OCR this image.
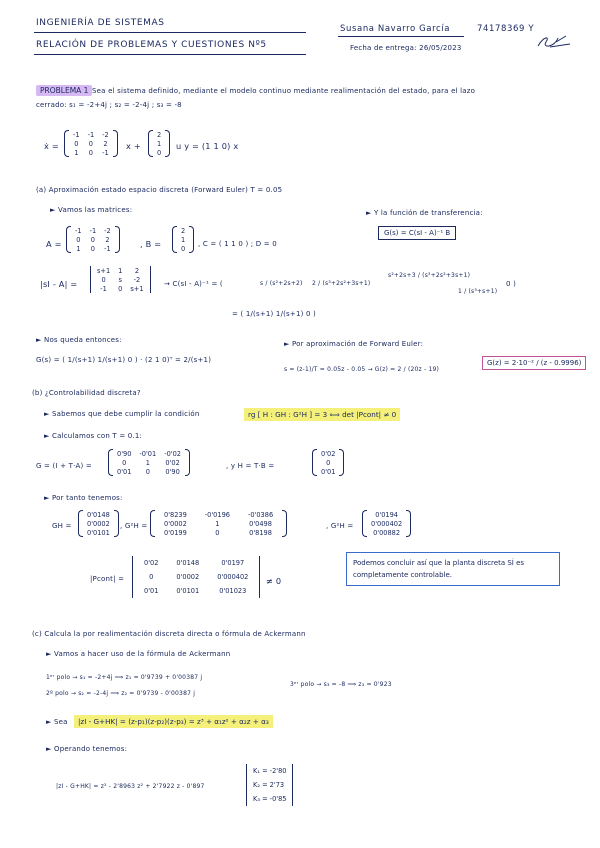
INGENIERÍA DE SISTEMAS
RELACIÓN DE PROBLEMAS Y CUESTIONES Nº5
Susana Navarro García	74178369 Y
Fecha de entrega: 26/05/2023
PROBLEMA 1 Sea el sistema definido, mediante el modelo continuo mediante realimentación del estado, para el lazo
cerrado: s₁ = -2+4j ; s₂ = -2-4j ; s₃ = -8
ẋ =
-1	-1	-2
0	0	2
1	0	-1
x +
2
1
0
u y = (1 1 0) x
(a) Aproximación estado espacio discreta (Forward Euler) T = 0.05
► Vamos las matrices:	► Y la función de transferencia:
G(s) = C(sI - A)⁻¹ B
A =
-1	-1	-2
0	0	2
1	0	-1	, B =
2
1
0
, C = ( 1 1 0 ) ; D = 0
|sI - A| =
s+1	1	2
0	s	-2
-1	0	s+1
→ C(sI - A)⁻¹ = (	s / (s²+2s+2) 2 / (s³+2s²+3s+1)
s²+2s+3 / (s³+2s²+3s+1)
1 / (s³+s+1)
0 )
= ( 1/(s+1) 1/(s+1) 0 )
► Nos queda entonces:
G(s) = ( 1/(s+1) 1/(s+1) 0 ) · (2 1 0)ᵀ = 2/(s+1)
► Por aproximación de Forward Euler:
s = (z-1)/T = 0.05z - 0.05 → G(z) = 2 / (20z - 19)
G(z) = 2·10⁻² / (z - 0.9996)
(b) ¿Controlabilidad discreta?
► Sabemos que debe cumplir la condición	rg [ H : GH : G²H ] = 3 ⟺ det |Pcont| ≠ 0
► Calculamos con T = 0.1:
G = (I + T·A) =
0'90	-0'01	-0'02
0	1	0'02
0'01	0	0'90
, y H = T·B =
0'02
0
0'01
► Por tanto tenemos:
GH =
0'0148
0'0002
0'0101
, G²H =
0'8239	-0'0196	-0'0386
0'0002	1	0'0498
0'0199	0	0'8198
, G²H =
0'0194
0'000402
0'00882
|Pcont| =
0'02	0'0148	0'0197
0	0'0002	0'000402
0'01	0'0101	0'01023
≠ 0
Podemos concluir así que la planta discreta SÍ es completamente controlable.
(c) Calcula la por realimentación discreta directa o fórmula de Ackermann
► Vamos a hacer uso de la fórmula de Ackermann
1ᵉʳ polo → s₁ = -2+4j ⟹ z₁ = 0'9739 + 0'00387 j
2º polo → s₂ = -2-4j ⟹ z₂ = 0'9739 - 0'00387 j
3ᵉʳ polo → s₃ = -8 ⟹ z₃ = 0'923
► Sea	|zI - G+HK| = (z-p₁)(z-p₂)(z-p₃) = z³ + α₁z² + α₂z + α₃
► Operando tenemos:
|zI - G+HK| = z³ - 2'8963 z² + 2'7922 z - 0'897
K₁ = -2'80
K₂ = 2'73
K₃ = -0'85
